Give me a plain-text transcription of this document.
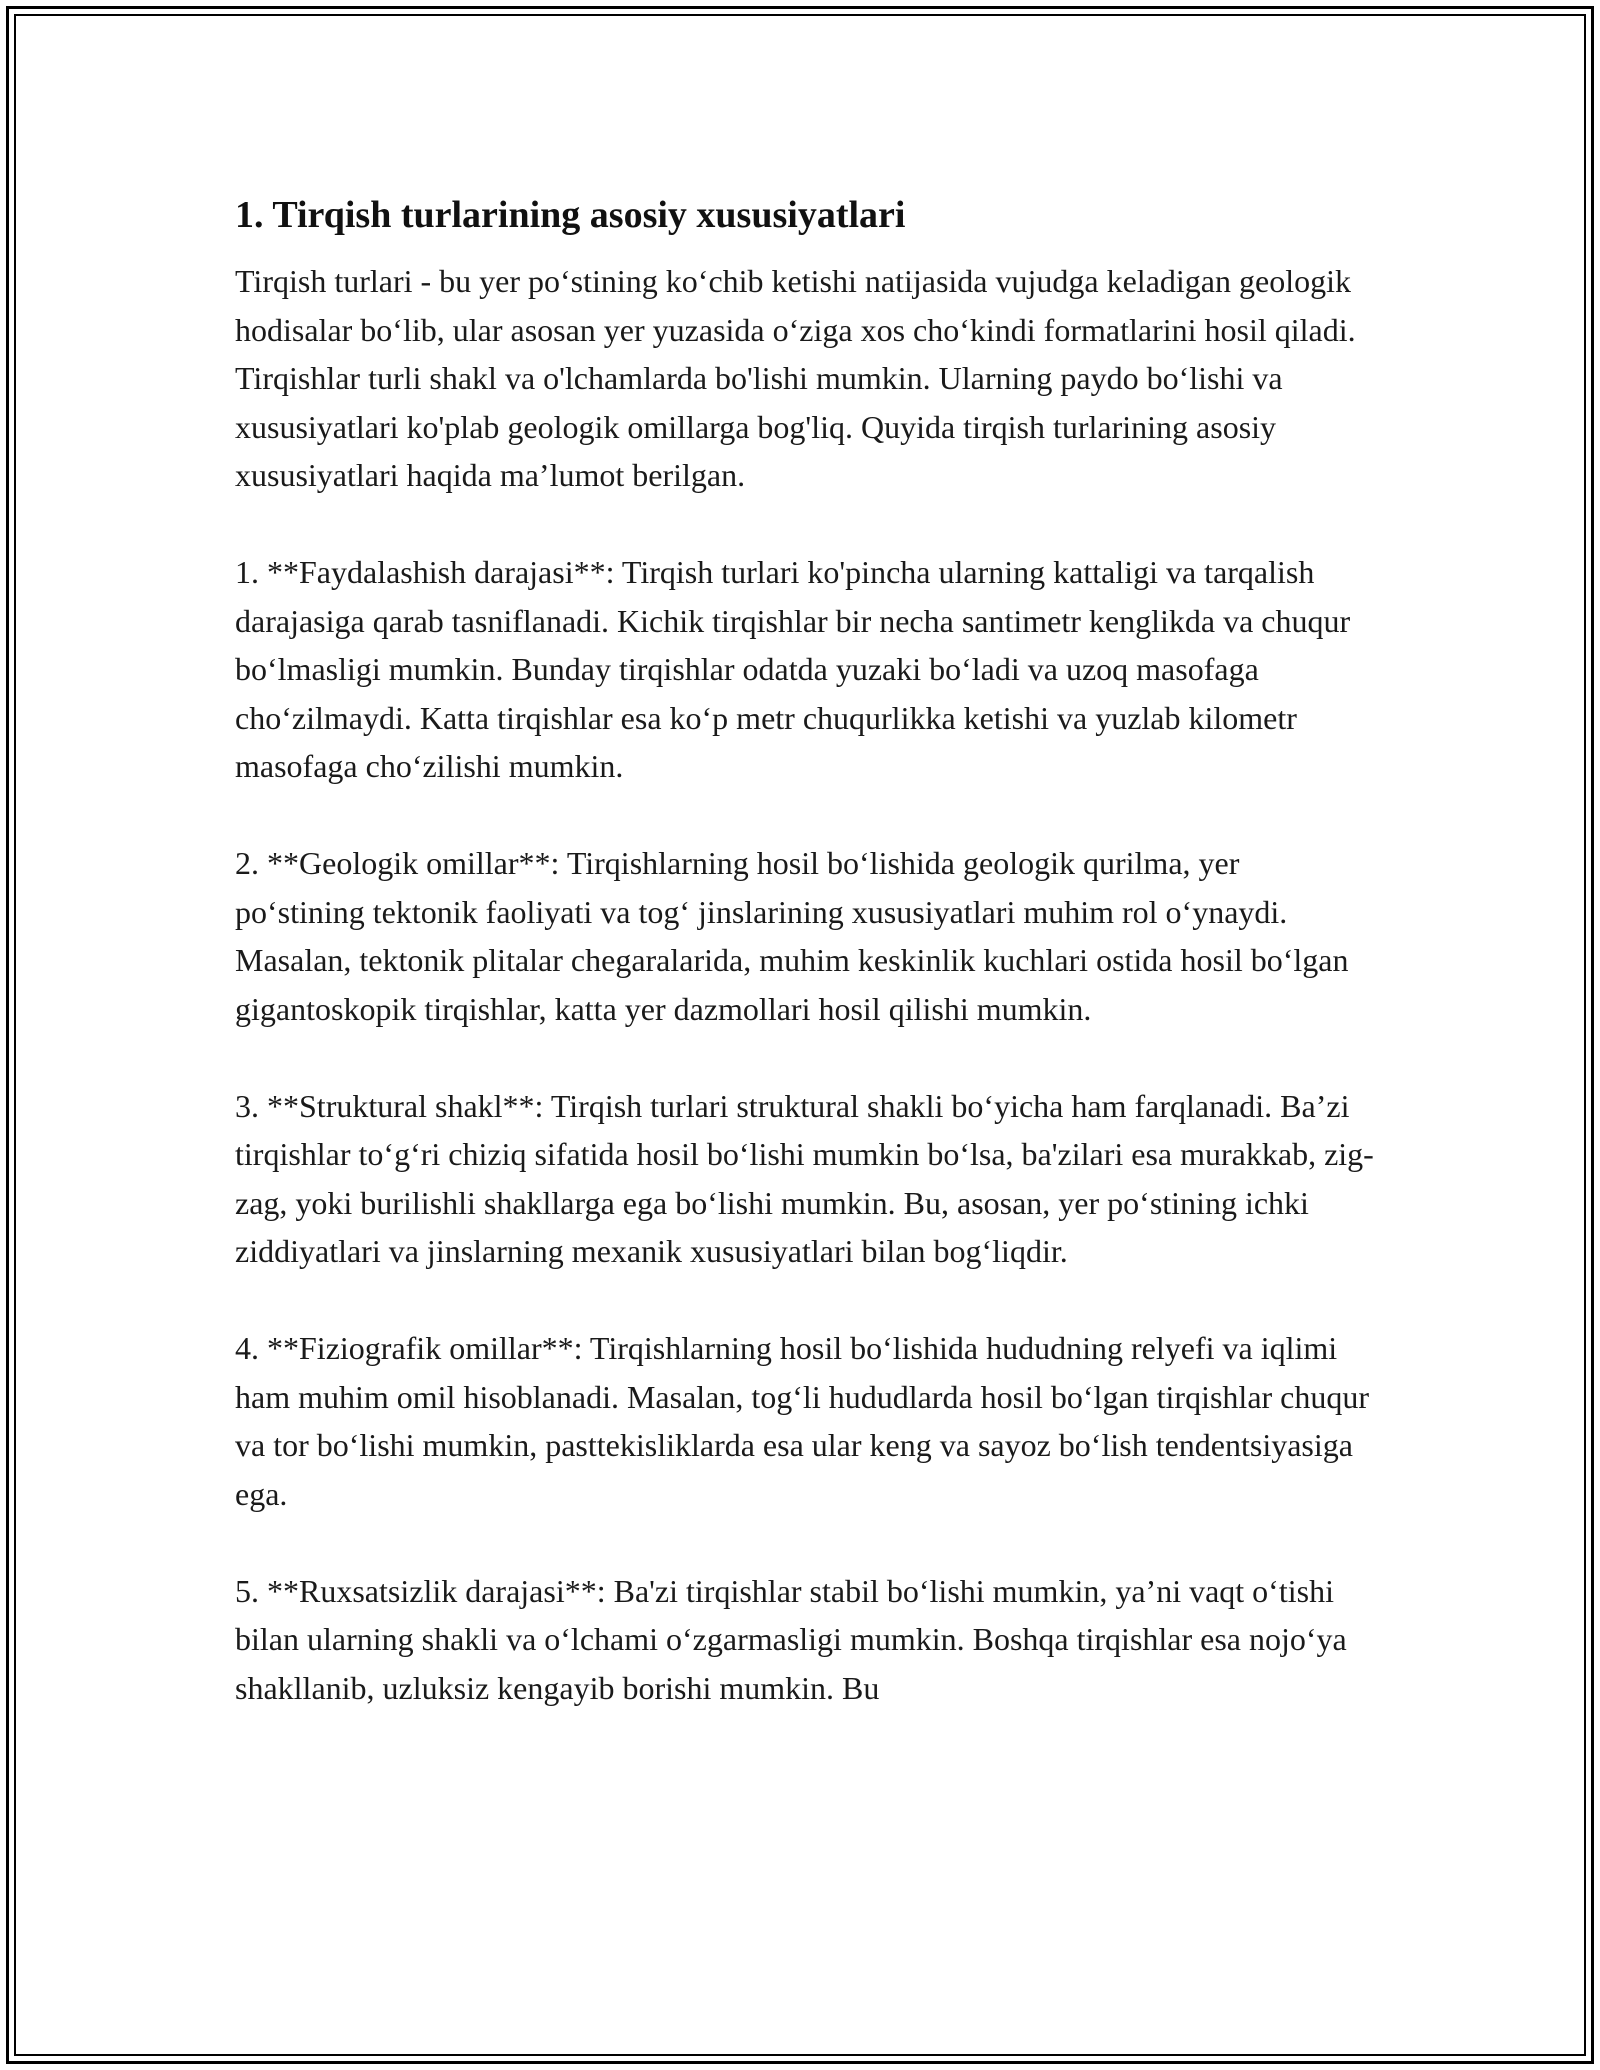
1. Tirqish turlarining asosiy xususiyatlari

Tirqish turlari - bu yer po‘stining ko‘chib ketishi natijasida vujudga keladigan geologik hodisalar bo‘lib, ular asosan yer yuzasida o‘ziga xos cho‘kindi formatlarini hosil qiladi. Tirqishlar turli shakl va o'lchamlarda bo'lishi mumkin. Ularning paydo bo‘lishi va xususiyatlari ko'plab geologik omillarga bog'liq. Quyida tirqish turlarining asosiy xususiyatlari haqida ma’lumot berilgan.

1. **Faydalashish darajasi**: Tirqish turlari ko'pincha ularning kattaligi va tarqalish darajasiga qarab tasniflanadi. Kichik tirqishlar bir necha santimetr kenglikda va chuqur bo‘lmasligi mumkin. Bunday tirqishlar odatda yuzaki bo‘ladi va uzoq masofaga cho‘zilmaydi. Katta tirqishlar esa ko‘p metr chuqurlikka ketishi va yuzlab kilometr masofaga cho‘zilishi mumkin.

2. **Geologik omillar**: Tirqishlarning hosil bo‘lishida geologik qurilma, yer po‘stining tektonik faoliyati va tog‘ jinslarining xususiyatlari muhim rol o‘ynaydi. Masalan, tektonik plitalar chegaralarida, muhim keskinlik kuchlari ostida hosil bo‘lgan gigantoskopik tirqishlar, katta yer dazmollari hosil qilishi mumkin.

3. **Struktural shakl**: Tirqish turlari struktural shakli bo‘yicha ham farqlanadi. Ba’zi tirqishlar to‘g‘ri chiziq sifatida hosil bo‘lishi mumkin bo‘lsa, ba'zilari esa murakkab, zig-zag, yoki burilishli shakllarga ega bo‘lishi mumkin. Bu, asosan, yer po‘stining ichki ziddiyatlari va jinslarning mexanik xususiyatlari bilan bog‘liqdir.

4. **Fiziografik omillar**: Tirqishlarning hosil bo‘lishida hududning relyefi va iqlimi ham muhim omil hisoblanadi. Masalan, tog‘li hududlarda hosil bo‘lgan tirqishlar chuqur va tor bo‘lishi mumkin, pasttekisliklarda esa ular keng va sayoz bo‘lish tendentsiyasiga ega.

5. **Ruxsatsizlik darajasi**: Ba'zi tirqishlar stabil bo‘lishi mumkin, ya’ni vaqt o‘tishi bilan ularning shakli va o‘lchami o‘zgarmasligi mumkin. Boshqa tirqishlar esa nojo‘ya shakllanib, uzluksiz kengayib borishi mumkin. Bu
